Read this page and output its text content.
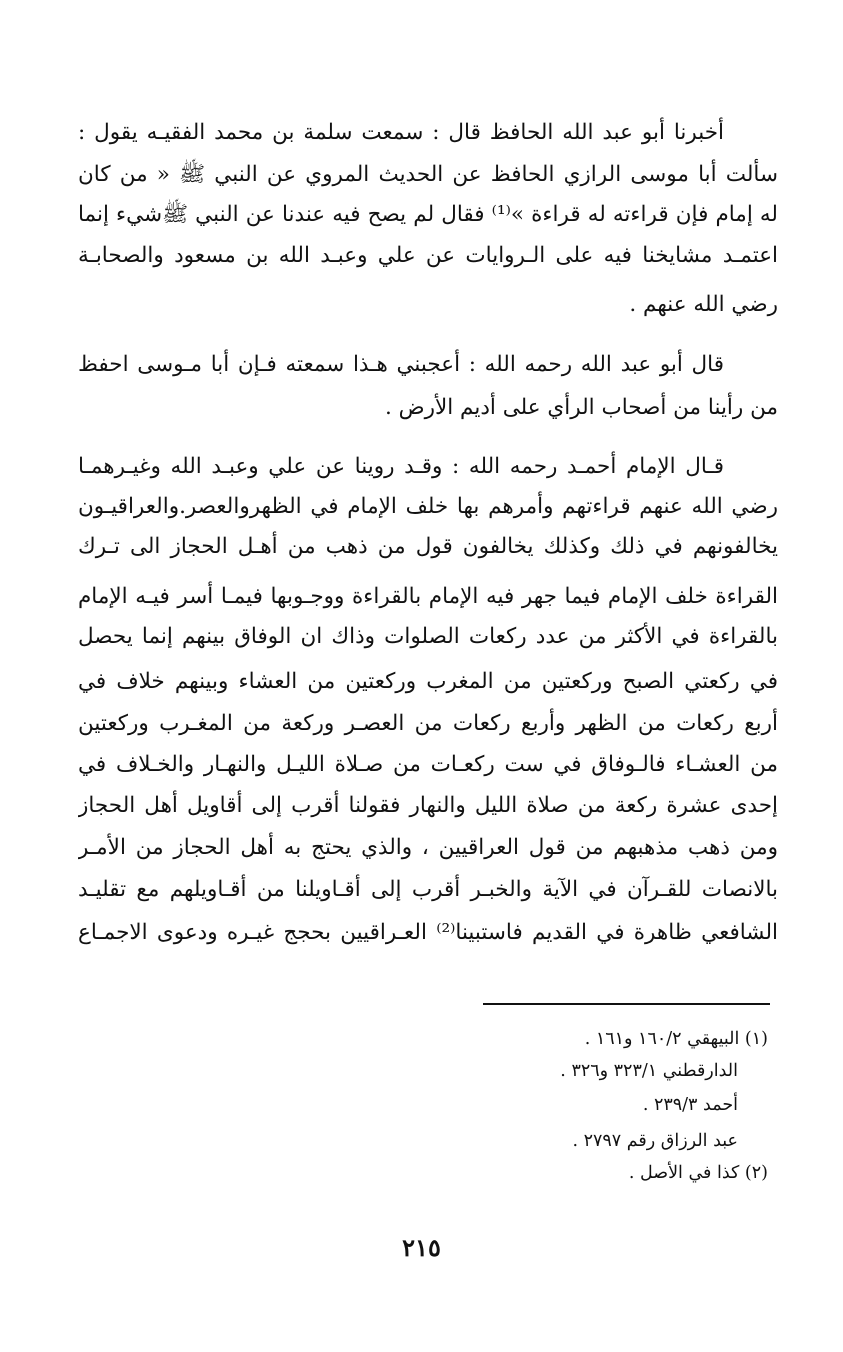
أخبرنا أبو عبد الله الحافظ قال : سمعت سلمة بن محمد الفقيـه يقول :
سألت أبا موسى الرازي الحافظ عن الحديث المروي عن النبي ﷺ « من كان
له إمام فإن قراءته له قراءة »⁽¹⁾ فقال لم يصح فيه عندنا عن النبي ﷺشيء إنما
اعتمـد مشايخنا فيه على الـروايات عن علي وعبـد الله بن مسعود والصحابـة
رضي الله عنهم .
قال أبو عبد الله رحمه الله : أعجبني هـذا سمعته فـإن أبا مـوسى احفظ
من رأينا من أصحاب الرأي على أديم الأرض .
قـال الإمام أحمـد رحمه الله : وقـد روينا عن علي وعبـد الله وغيـرهمـا
رضي الله عنهم قراءتهم وأمرهم بها خلف الإمام في الظهروالعصر.والعراقيـون
يخالفونهم في ذلك وكذلك يخالفون قول من ذهب من أهـل الحجاز الى تـرك
القراءة خلف الإمام فيما جهر فيه الإمام بالقراءة ووجـوبها فيمـا أسر فيـه الإمام
بالقراءة في الأكثر من عدد ركعات الصلوات وذاك ان الوفاق بينهم إنما يحصل
في ركعتي الصبح وركعتين من المغرب وركعتين من العشاء وبينهم خلاف في
أربع ركعات من الظهر وأربع ركعات من العصـر وركعة من المغـرب وركعتين
من العشـاء فالـوفاق في ست ركعـات من صـلاة الليـل والنهـار والخـلاف في
إحدى عشرة ركعة من صلاة الليل والنهار فقولنا أقرب إلى أقاويل أهل الحجاز
ومن ذهب مذهبهم من قول العراقيين ، والذي يحتج به أهل الحجاز من الأمـر
بالانصات للقـرآن في الآية والخبـر أقرب إلى أقـاويلنا من أقـاويلهم مع تقليـد
الشافعي ظاهرة في القديم فاستبينا⁽²⁾ العـراقيين بحجج غيـره ودعوى الاجمـاع
(١) البيهقي ١٦٠/٢ و١٦١ .
الدارقطني ٣٢٣/١ و٣٢٦ .
أحمد ٢٣٩/٣ .
عبد الرزاق رقم ٢٧٩٧ .
(٢) كذا في الأصل .
٢١٥
